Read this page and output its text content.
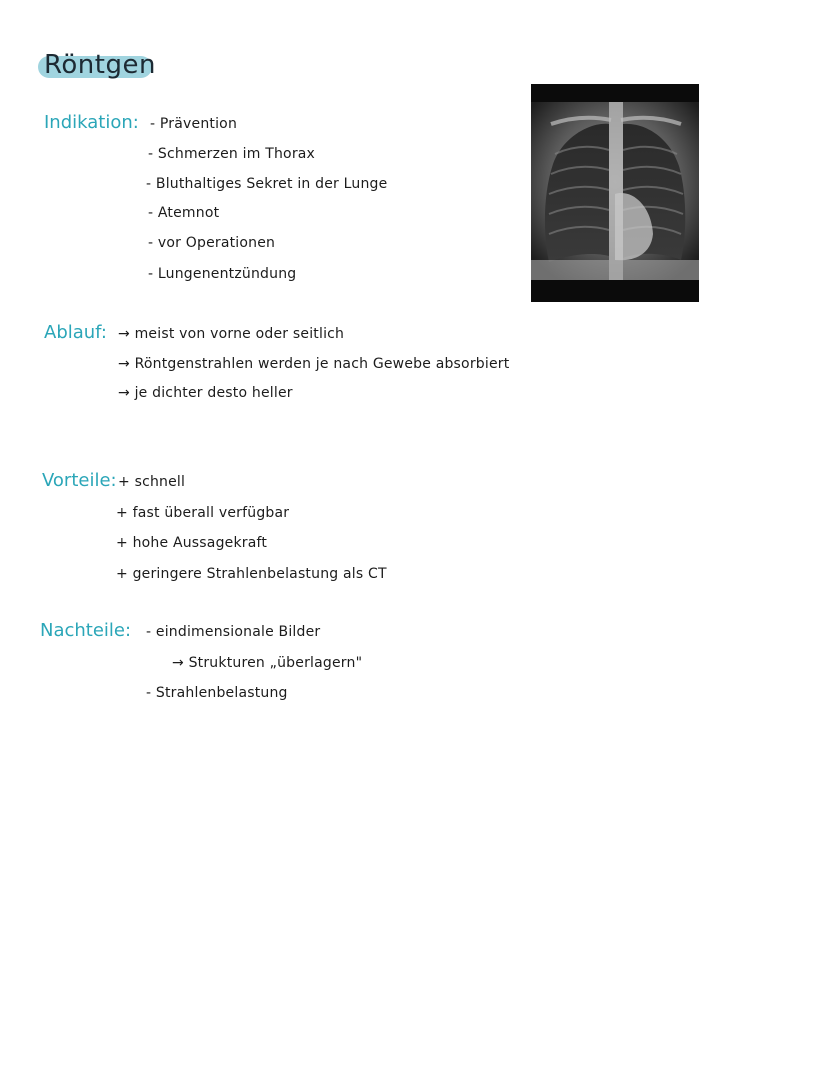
Röntgen
Indikation: - Prävention
- Schmerzen im Thorax
- Bluthaltiges Sekret in der Lunge
- Atemnot
- vor Operationen
- Lungenentzündung
Ablauf: → meist von vorne oder seitlich
→ Röntgenstrahlen werden je nach Gewebe absorbiert
→ je dichter desto heller
Vorteile: + schnell
+ fast überall verfügbar
+ hohe Aussagekraft
+ geringere Strahlenbelastung als CT
Nachteile: - eindimensionale Bilder
→ Strukturen „überlagern"
- Strahlenbelastung
